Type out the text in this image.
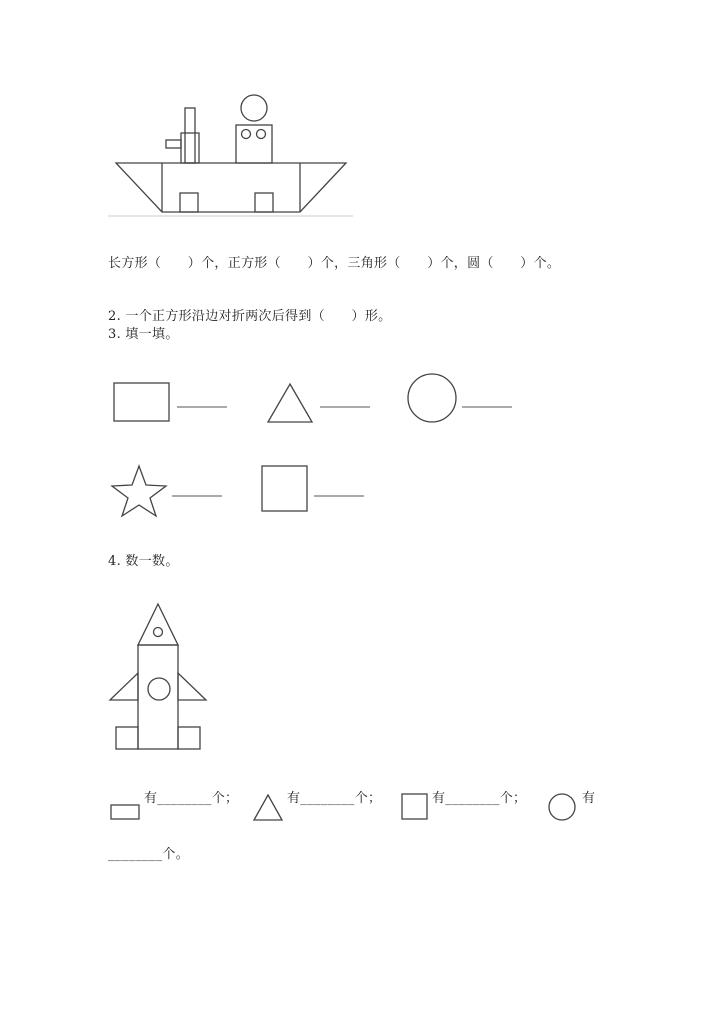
长方形（　　）个，正方形（　　）个，三角形（　　）个，圆（　　）个。
2. 一个正方形沿边对折两次后得到（　　）形。
3. 填一填。
4. 数一数。
有________个；	有________个；	有________个；	有
________个。
